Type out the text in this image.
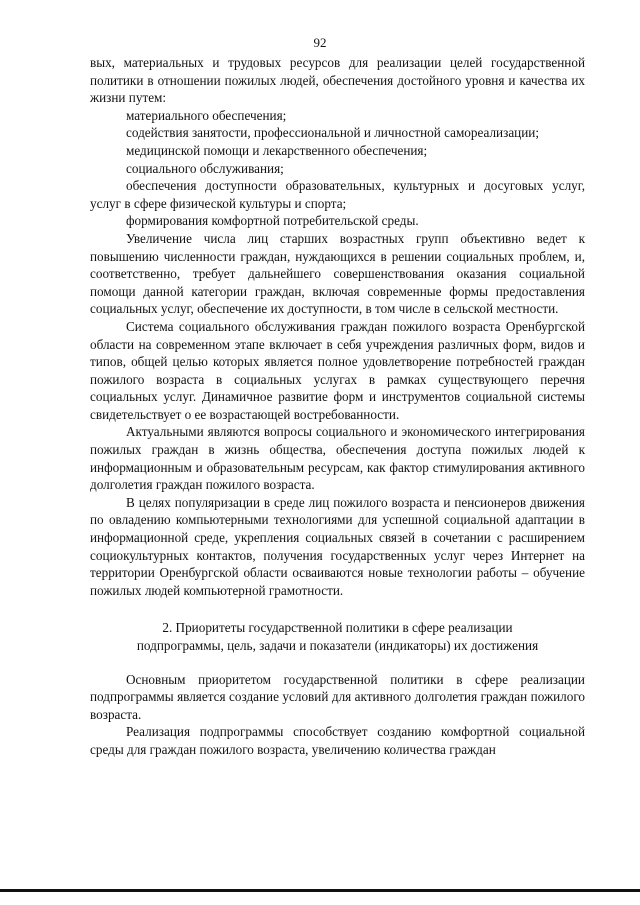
92

вых, материальных и трудовых ресурсов для реализации целей государственной политики в отношении пожилых людей, обеспечения достойного уровня и качества их жизни путем:

материального обеспечения;

содействия занятости, профессиональной и личностной самореализации;

медицинской помощи и лекарственного обеспечения;

социального обслуживания;

обеспечения доступности образовательных, культурных и досуговых услуг, услуг в сфере физической культуры и спорта;

формирования комфортной потребительской среды.

Увеличение числа лиц старших возрастных групп объективно ведет к повышению численности граждан, нуждающихся в решении социальных проблем, и, соответственно, требует дальнейшего совершенствования оказания социальной помощи данной категории граждан, включая современные формы предоставления социальных услуг, обеспечение их доступности, в том числе в сельской местности.

Система социального обслуживания граждан пожилого возраста Оренбургской области на современном этапе включает в себя учреждения различных форм, видов и типов, общей целью которых является полное удовлетворение потребностей граждан пожилого возраста в социальных услугах в рамках существующего перечня социальных услуг. Динамичное развитие форм и инструментов социальной системы свидетельствует о ее возрастающей востребованности.

Актуальными являются вопросы социального и экономического интегрирования пожилых граждан в жизнь общества, обеспечения доступа пожилых людей к информационным и образовательным ресурсам, как фактор стимулирования активного долголетия граждан пожилого возраста.

В целях популяризации в среде лиц пожилого возраста и пенсионеров движения по овладению компьютерными технологиями для успешной социальной адаптации в информационной среде, укрепления социальных связей в сочетании с расширением социокультурных контактов, получения государственных услуг через Интернет на территории Оренбургской области осваиваются новые технологии работы – обучение пожилых людей компьютерной грамотности.

2. Приоритеты государственной политики в сфере реализации
подпрограммы, цель, задачи и показатели (индикаторы) их достижения

Основным приоритетом государственной политики в сфере реализации подпрограммы является создание условий для активного долголетия граждан пожилого возраста.

Реализация подпрограммы способствует созданию комфортной социальной среды для граждан пожилого возраста, увеличению количества граждан
